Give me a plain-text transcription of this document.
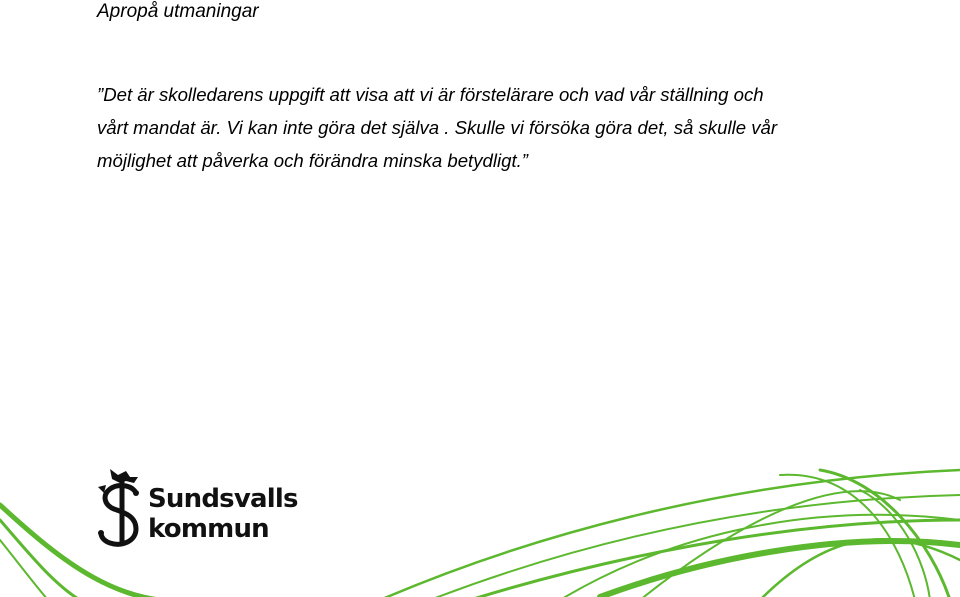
Apropå utmaningar
”Det är skolledarens uppgift att visa att vi är förstelärare och vad vår ställning och
vårt mandat är. Vi kan inte göra det själva . Skulle vi försöka göra det, så skulle vår
möjlighet att påverka och förändra minska betydligt.”
Sundsvalls
kommun
